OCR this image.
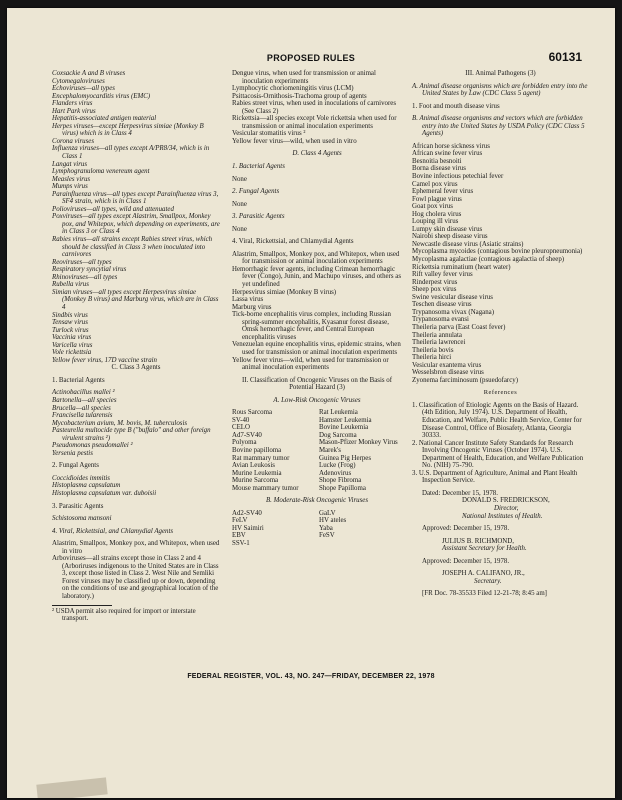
PROPOSED RULES	60131

Coxsackie A and B viruses

Cytomegaloviruses

Echoviruses—all types

Encephalomyocarditis virus (EMC)

Flanders virus

Hart Park virus

Hepatitis-associated antigen material

Herpes viruses—except Herpesvirus simiae (Monkey B virus) which is in Class 4

Corona viruses

Influenza viruses—all types except A/PR8/34, which is in Class 1

Langat virus

Lymphogranuloma venereum agent

Measles virus

Mumps virus

Parainfluenza virus—all types except Parainfluenza virus 3, SF4 strain, which is in Class 1

Polioviruses—all types, wild and attenuated

Poxviruses—all types except Alastrim, Smallpox, Monkey pox, and Whitepox, which depending on experiments, are in Class 3 or Class 4

Rabies virus—all strains except Rabies street virus, which should be classified in Class 3 when inoculated into carnivores

Reoviruses—all types

Respiratory syncytial virus

Rhinoviruses—all types

Rubella virus

Simian viruses—all types except Herpesvirus simiae (Monkey B virus) and Marburg virus, which are in Class 4

Sindbis virus

Tensaw virus

Turlock virus

Vaccinia virus

Varicella virus

Vole rickettsia

Yellow fever virus, 17D vaccine strain

C. Class 3 Agents

1. Bacterial Agents

Actinobacillus mallei ²

Bartonella—all species

Brucella—all species

Francisella tularensis

Mycobacterium avium, M. bovis, M. tuberculosis

Pasteurella multocide type B ("buffalo" and other foreign virulent strains ²)

Pseudomonas pseudomallei ²

Yersenia pestis

2. Fungal Agents

Coccidioides immitis

Histoplasma capsulatum

Histoplasma capsulatum var. duboisii

3. Parasitic Agents

Schistosoma mansoni

4. Viral, Rickettsial, and Chlamydial Agents

Alastrim, Smallpox, Monkey pox, and Whitepox, when used in vitro

Arboviruses—all strains except those in Class 2 and 4 (Arboriruses indigenous to the United States are in Class 3, except those listed in Class 2. West Nile and Semliki Forest viruses may be classified up or down, depending on the conditions of use and geographical location of the laboratory.)

² USDA permit also required for import or interstate transport.

Dengue virus, when used for transmission or animal inoculation experiments

Lymphocytic choriomeningitis virus (LCM)

Psittacosis-Ornithosis-Trachoma group of agents

Rabies street virus, when used in inoculations of carnivores (See Class 2)

Rickettsia—all species except Vole rickettsia when used for transmission or animal inoculation experiments

Vesicular stomatitis virus ²

Yellow fever virus—wild, when used in vitro

D. Class 4 Agents

1. Bacterial Agents

None

2. Fungal Agents

None

3. Parasitic Agents

None

4. Viral, Rickettsial, and Chlamydial Agents

Alastrim, Smallpox, Monkey pox, and Whitepox, when used for transmission or animal inoculation experiments

Hemorrhagic fever agents, including Crimean hemorrhagic fever (Congo), Junin, and Machupo viruses, and others as yet undefined

Herpesvirus simiae (Monkey B virus)

Lassa virus

Marburg virus

Tick-borne encephalitis virus complex, including Russian spring-summer encephalitis, Kyasanur forest disease, Omsk hemorrhagic fever, and Central European encephalitis viruses

Venezuelan equine encephalitis virus, epidemic strains, when used for transmission or animal inoculation experiments

Yellow fever virus—wild, when used for transmission or animal inoculation experiments

II. Classification of Oncogenic Viruses on the Basis of Potential Hazard (3)

A. Low-Risk Oncogenic Viruses

Rous Sarcoma

SV-40

CELO

Ad7-SV40

Polyoma

Bovine papilloma

Rat mammary tumor

Avian Leukosis

Murine Leukemia

Murine Sarcoma

Mouse mammary tumor

Rat Leukemia

Hamster Leukemia

Bovine Leukemia

Dog Sarcoma

Mason-Pfizer Monkey Virus

Marek's

Guinea Pig Herpes

Lucke (Frog)

Adenovirus

Shope Fibroma

Shope Papilloma

B. Moderate-Risk Oncogenic Viruses

Ad2-SV40

FeLV

HV Saimiri

EBV

SSV-1

GaLV

HV ateles

Yaba

FeSV

III. Animal Pathogens (3)

A. Animal disease organisms which are forbidden entry into the United States by Law (CDC Class 5 agent)

1. Foot and mouth disease virus

B. Animal disease organisms and vectors which are forbidden entry into the United States by USDA Policy (CDC Class 5 Agents)

African horse sickness virus

African swine fever virus

Besnoitia besnoiti

Borna disease virus

Bovine infectious petechial fever

Camel pox virus

Ephemeral fever virus

Fowl plague virus

Goat pox virus

Hog cholera virus

Louping ill virus

Lumpy skin disease virus

Nairobi sheep disease virus

Newcastle disease virus (Asiatic strains)

Mycoplasma mycoides (contagious bovine pleuropneumonia)

Mycoplasma agalactiae (contagious agalactia of sheep)

Rickettsia ruminatium (heart water)

Rift valley fever virus

Rinderpest virus

Sheep pox virus

Swine vesicular disease virus

Teschen disease virus

Trypanosoma vivax (Nagana)

Trypanosoma evansi

Theileria parva (East Coast fever)

Theileria annulata

Theileria lawrencei

Theileria bovis

Theileria hirci

Vesicular exantema virus

Wesselsbron disease virus

Zyonema farciminosum (psuedofarcy)

References

1. Classification of Etiologic Agents on the Basis of Hazard. (4th Edition, July 1974). U.S. Department of Health, Education, and Welfare, Public Health Service, Center for Disease Control, Office of Biosafety, Atlanta, Georgia 30333.

2. National Cancer Institute Safety Standards for Research Involving Oncogenic Viruses (October 1974). U.S. Department of Health, Education, and Welfare Publication No. (NIH) 75-790.

3. U.S. Department of Agriculture, Animal and Plant Health Inspection Service.

Dated: December 15, 1978.

DONALD S. FREDRICKSON,

Director,

National Institutes of Health.

Approved: December 15, 1978.

JULIUS B. RICHMOND,

Assistant Secretary for Health.

Approved: December 15, 1978.

JOSEPH A. CALIFANO, JR.,

Secretary.

[FR Doc. 78-35533 Filed 12-21-78; 8:45 am]

FEDERAL REGISTER, VOL. 43, NO. 247—FRIDAY, DECEMBER 22, 1978
